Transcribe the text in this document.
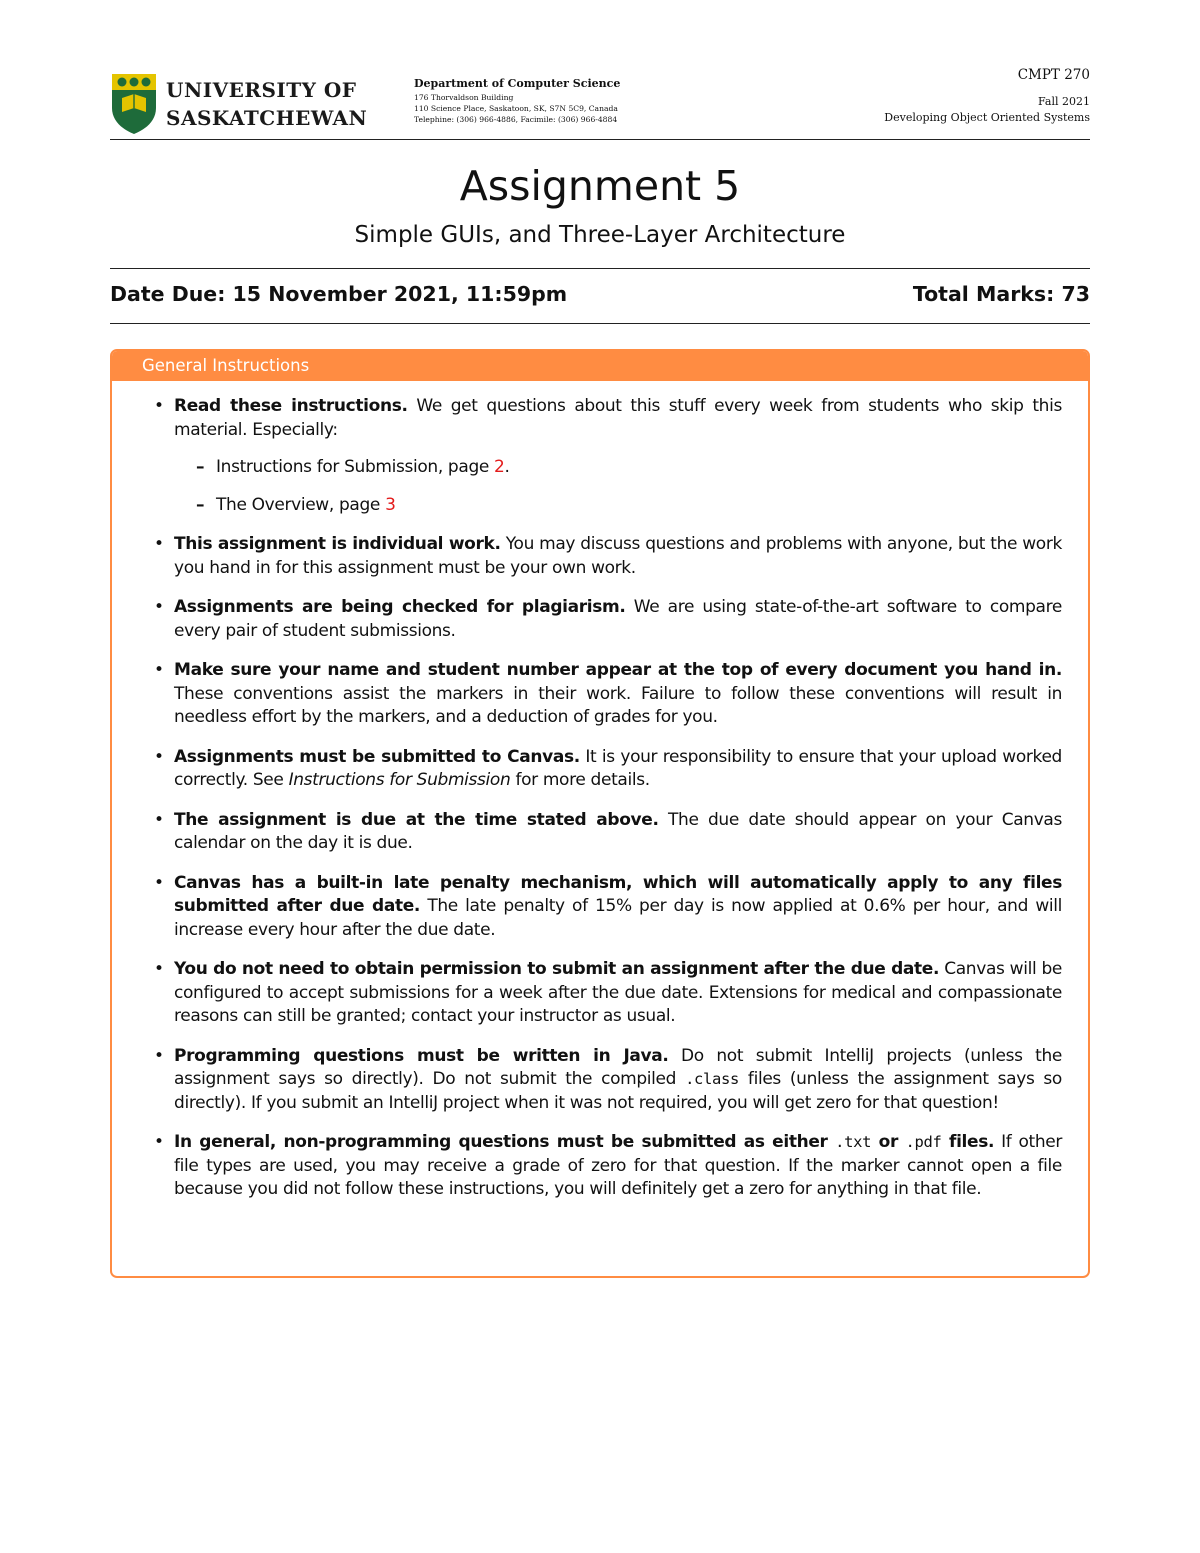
UNIVERSITY OF
SASKATCHEWAN
Department of Computer Science
176 Thorvaldson Building
110 Science Place, Saskatoon, SK, S7N 5C9, Canada
Telephine: (306) 966-4886, Facimile: (306) 966-4884
CMPT 270
Fall 2021
Developing Object Oriented Systems
Assignment 5
Simple GUIs, and Three-Layer Architecture
Date Due: 15 November 2021, 11:59pm	Total Marks: 73
General Instructions
• Read these instructions. We get questions about this stuff every week from students who skip this material. Especially:
– Instructions for Submission, page 2.
– The Overview, page 3
• This assignment is individual work. You may discuss questions and problems with anyone, but the work you hand in for this assignment must be your own work.
• Assignments are being checked for plagiarism. We are using state-of-the-art software to compare every pair of student submissions.
• Make sure your name and student number appear at the top of every document you hand in. These conventions assist the markers in their work. Failure to follow these conventions will result in needless effort by the markers, and a deduction of grades for you.
• Assignments must be submitted to Canvas. It is your responsibility to ensure that your upload worked correctly. See Instructions for Submission for more details.
• The assignment is due at the time stated above. The due date should appear on your Canvas calendar on the day it is due.
• Canvas has a built-in late penalty mechanism, which will automatically apply to any files submitted after due date. The late penalty of 15% per day is now applied at 0.6% per hour, and will increase every hour after the due date.
• You do not need to obtain permission to submit an assignment after the due date. Canvas will be configured to accept submissions for a week after the due date. Extensions for medical and compassionate reasons can still be granted; contact your instructor as usual.
• Programming questions must be written in Java. Do not submit IntelliJ projects (unless the assignment says so directly). Do not submit the compiled .class files (unless the assignment says so directly). If you submit an IntelliJ project when it was not required, you will get zero for that question!
• In general, non-programming questions must be submitted as either .txt or .pdf files. If other file types are used, you may receive a grade of zero for that question. If the marker cannot open a file because you did not follow these instructions, you will definitely get a zero for anything in that file.
